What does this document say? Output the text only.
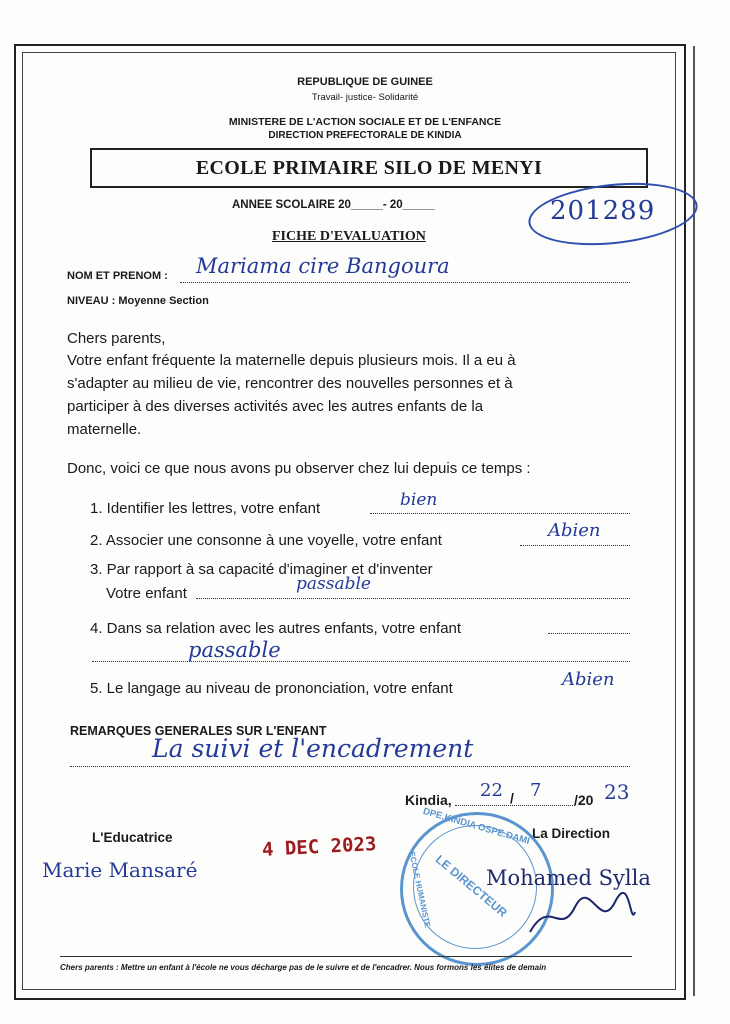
REPUBLIQUE DE GUINEE
Travail- justice- Solidarité
MINISTERE DE L'ACTION SOCIALE ET DE L'ENFANCE
DIRECTION PREFECTORALE DE KINDIA
ECOLE PRIMAIRE SILO DE MENYI
ANNEE SCOLAIRE 20_____- 20_____	201289
FICHE D'EVALUATION
NOM ET PRENOM : Mariama cire Bangoura
NIVEAU : Moyenne Section
Chers parents,
Votre enfant fréquente la maternelle depuis plusieurs mois. Il a eu à
s'adapter au milieu de vie, rencontrer des nouvelles personnes et à
participer à des diverses activités avec les autres enfants de la
maternelle.
Donc, voici ce que nous avons pu observer chez lui depuis ce temps :
1. Identifier les lettres, votre enfant	bien
2. Associer une consonne à une voyelle, votre enfant	Abien
3. Par rapport à sa capacité d'imaginer et d'inventer
Votre enfant	passable
4. Dans sa relation avec les autres enfants, votre enfant
passable
5. Le langage au niveau de prononciation, votre enfant	Abien
REMARQUES GENERALES SUR L'ENFANT
La suivi et l'encadrement
Kindia, 22 / 7 /20 23
L'Educatrice	La Direction
Marie Mansaré
4 DEC 2023	DPE.KINDIA OSPE.DAMI
LE DIRECTEUR
ECOLE HUMANISTE	Mohamed Sylla
Chers parents : Mettre un enfant à l'école ne vous décharge pas de le suivre et de l'encadrer. Nous formons les élites de demain
